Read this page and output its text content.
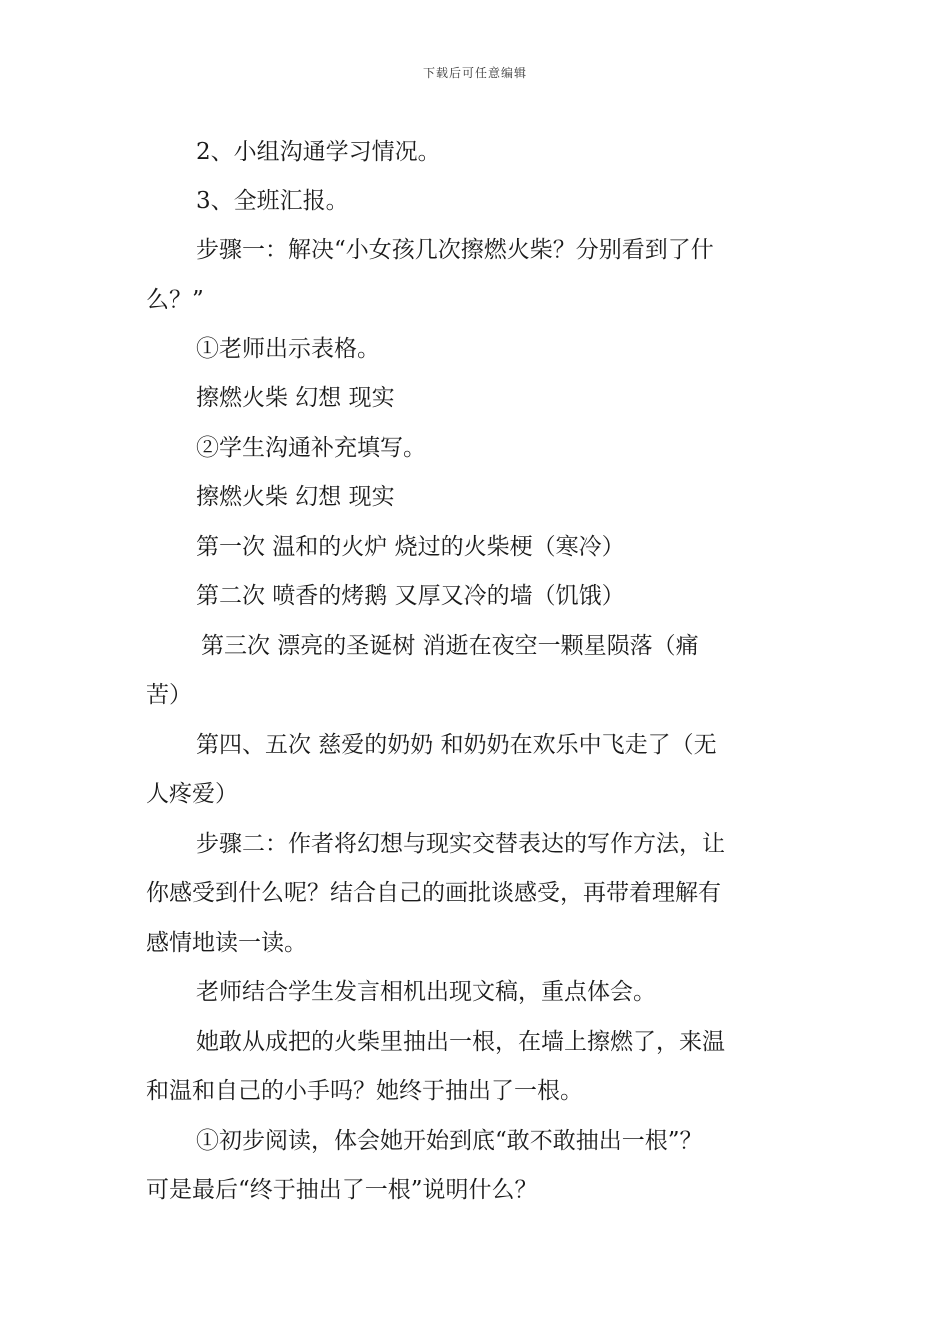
下载后可任意编辑
2、小组沟通学习情况。
3、全班汇报。
步骤一：解决“小女孩几次擦燃火柴？分别看到了什
么？”
①老师出示表格。
擦燃火柴 幻想 现实
②学生沟通补充填写。
擦燃火柴 幻想 现实
第一次 温和的火炉 烧过的火柴梗（寒冷）
第二次 喷香的烤鹅 又厚又冷的墙（饥饿）
第三次 漂亮的圣诞树 消逝在夜空一颗星陨落（痛
苦）
第四、五次 慈爱的奶奶 和奶奶在欢乐中飞走了（无
人疼爱）
步骤二：作者将幻想与现实交替表达的写作方法，让
你感受到什么呢？结合自己的画批谈感受，再带着理解有
感情地读一读。
老师结合学生发言相机出现文稿，重点体会。
她敢从成把的火柴里抽出一根，在墙上擦燃了，来温
和温和自己的小手吗？她终于抽出了一根。
①初步阅读，体会她开始到底“敢不敢抽出一根”？
可是最后“终于抽出了一根”说明什么？
